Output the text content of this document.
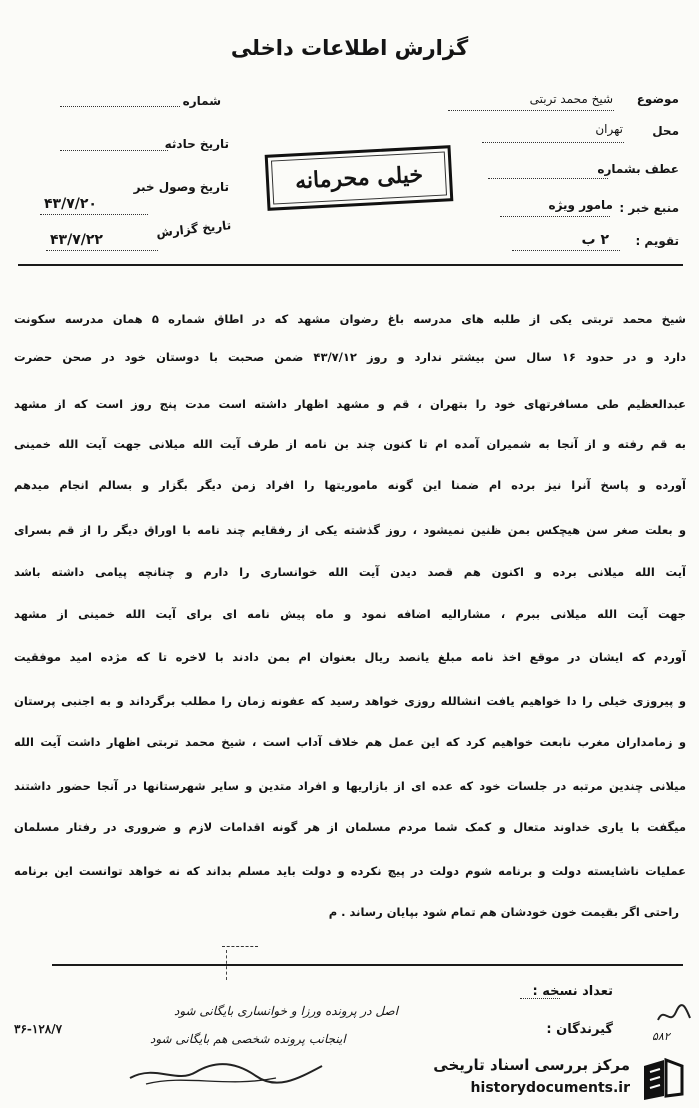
گزارش اطلاعات داخلی
موضوع
شیخ محمد تربتی
محل
تهران
عطف بشماره
منبع خبر :
مامور ویژه
تقویم :
۲ ب
خیلی محرمانه
شماره
تاریخ حادثه
تاریخ وصول خبر
۴۳/۷/۲۰
تاریخ گزارش
۴۳/۷/۲۲
شیخ محمد تربتی یکی از طلبه های مدرسه باغ رضوان مشهد که در اطاق شماره ۵ همان مدرسه سکونت
دارد و در حدود ۱۶ سال سن بیشتر ندارد و روز ۴۳/۷/۱۲ ضمن صحبت با دوستان خود در صحن حضرت
عبدالعظیم طی مسافرتهای خود را بتهران ، قم و مشهد اظهار داشته است مدت پنج روز است که از مشهد
به قم رفته و از آنجا به شمیران آمده ام تا کنون چند بن نامه از طرف آیت الله میلانی جهت آیت الله خمینی
آورده و پاسخ آنرا نیز برده ام ضمنا این گونه ماموریتها را افراد زمن دیگر بگزار و بسالم انجام میدهم
و بعلت صغر سن هیچکس بمن ظنین نمیشود ، روز گذشته یکی از رفقایم چند نامه با اوراق دیگر را از قم بسرای
آیت الله میلانی برده و اکنون هم قصد دیدن آیت الله خوانساری را دارم و چنانچه پیامی داشته باشد
جهت آیت الله میلانی ببرم ، مشارالیه اضافه نمود و ماه پیش نامه ای برای آیت الله خمینی از مشهد
آوردم که ایشان در موقع اخذ نامه مبلغ یانصد ریال بعنوان ام بمن دادند با لاخره تا که مژده امید موفقیت
و پیروزی خیلی را دا خواهیم یافت انشالله روزی خواهد رسید که عفونه زمان را مطلب برگرداند و به اجنبی پرستان
و زمامداران مغرب نابعت خواهیم کرد که این عمل هم خلاف آداب است ، شیخ محمد تربتی اظهار داشت آیت الله
میلانی چندین مرتبه در جلسات خود که عده ای از بازاریها و افراد متدین و سایر شهرستانها در آنجا حضور داشتند
میگفت با یاری خداوند متعال و کمک شما مردم مسلمان از هر گونه اقدامات لازم و ضروری در رفتار مسلمان
عملیات ناشایسته دولت و برنامه شوم دولت در پیچ نکرده و دولت باید مسلم بداند که نه خواهد توانست این برنامه
راحتی اگر بقیمت خون خودشان هم تمام شود بپایان رساند . م
تعداد نسخه :
گیرندگان :
اصل در پرونده ورزا و خوانساری بایگانی شود
اینجانب پرونده شخصی هم بایگانی شود
۳۶-۱۲۸/۷
۵۸۲
مرکز بررسی اسناد تاریخی
historydocuments.ir
